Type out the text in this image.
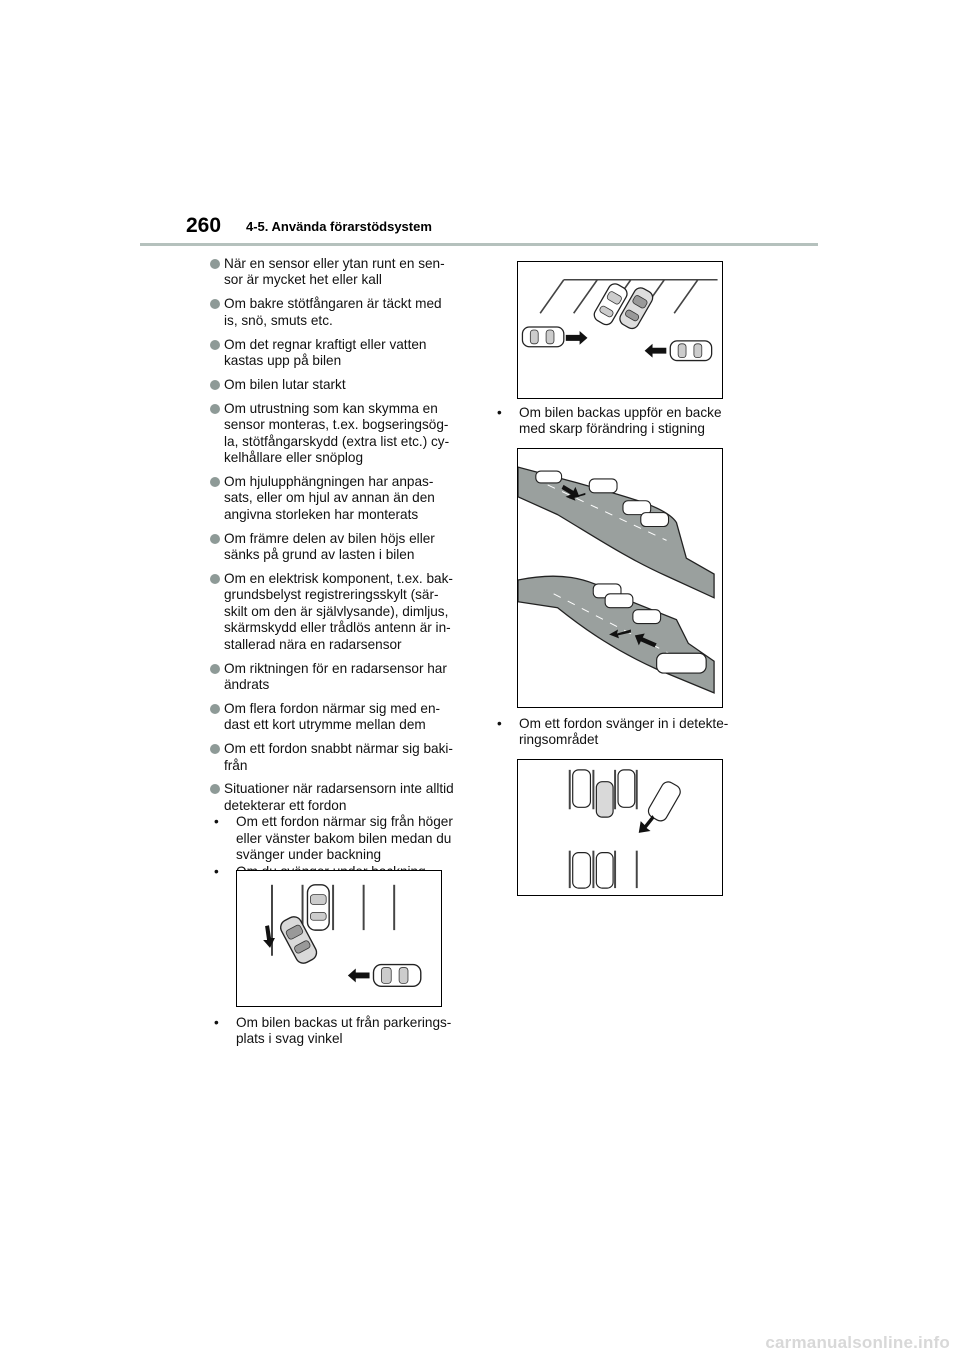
260 4-5. Använda förarstödsystem
När en sensor eller ytan runt en sen-
sor är mycket het eller kall
Om bakre stötfångaren är täckt med
is, snö, smuts etc.
Om det regnar kraftigt eller vatten
kastas upp på bilen
Om bilen lutar starkt
Om utrustning som kan skymma en
sensor monteras, t.ex. bogseringsög-
la, stötfångarskydd (extra list etc.) cy-
kelhållare eller snöplog
Om hjulupphängningen har anpas-
sats, eller om hjul av annan än den
angivna storleken har monterats
Om främre delen av bilen höjs eller
sänks på grund av lasten i bilen
Om en elektrisk komponent, t.ex. bak-
grundsbelyst registreringsskylt (sär-
skilt om den är självlysande), dimljus,
skärmskydd eller trådlös antenn är in-
stallerad nära en radarsensor
Om riktningen för en radarsensor har
ändrats
Om flera fordon närmar sig med en-
dast ett kort utrymme mellan dem
Om ett fordon snabbt närmar sig baki-
från
Situationer när radarsensorn inte alltid
detekterar ett fordon
• Om ett fordon närmar sig från höger
eller vänster bakom bilen medan du
svänger under backning
•
• Om bilen backas ut från parkerings-
plats i svag vinkel
• Om bilen backas uppför en backe
med skarp förändring i stigning
• Om ett fordon svänger in i detekte-
ringsområdet
carmanualsonline.info
